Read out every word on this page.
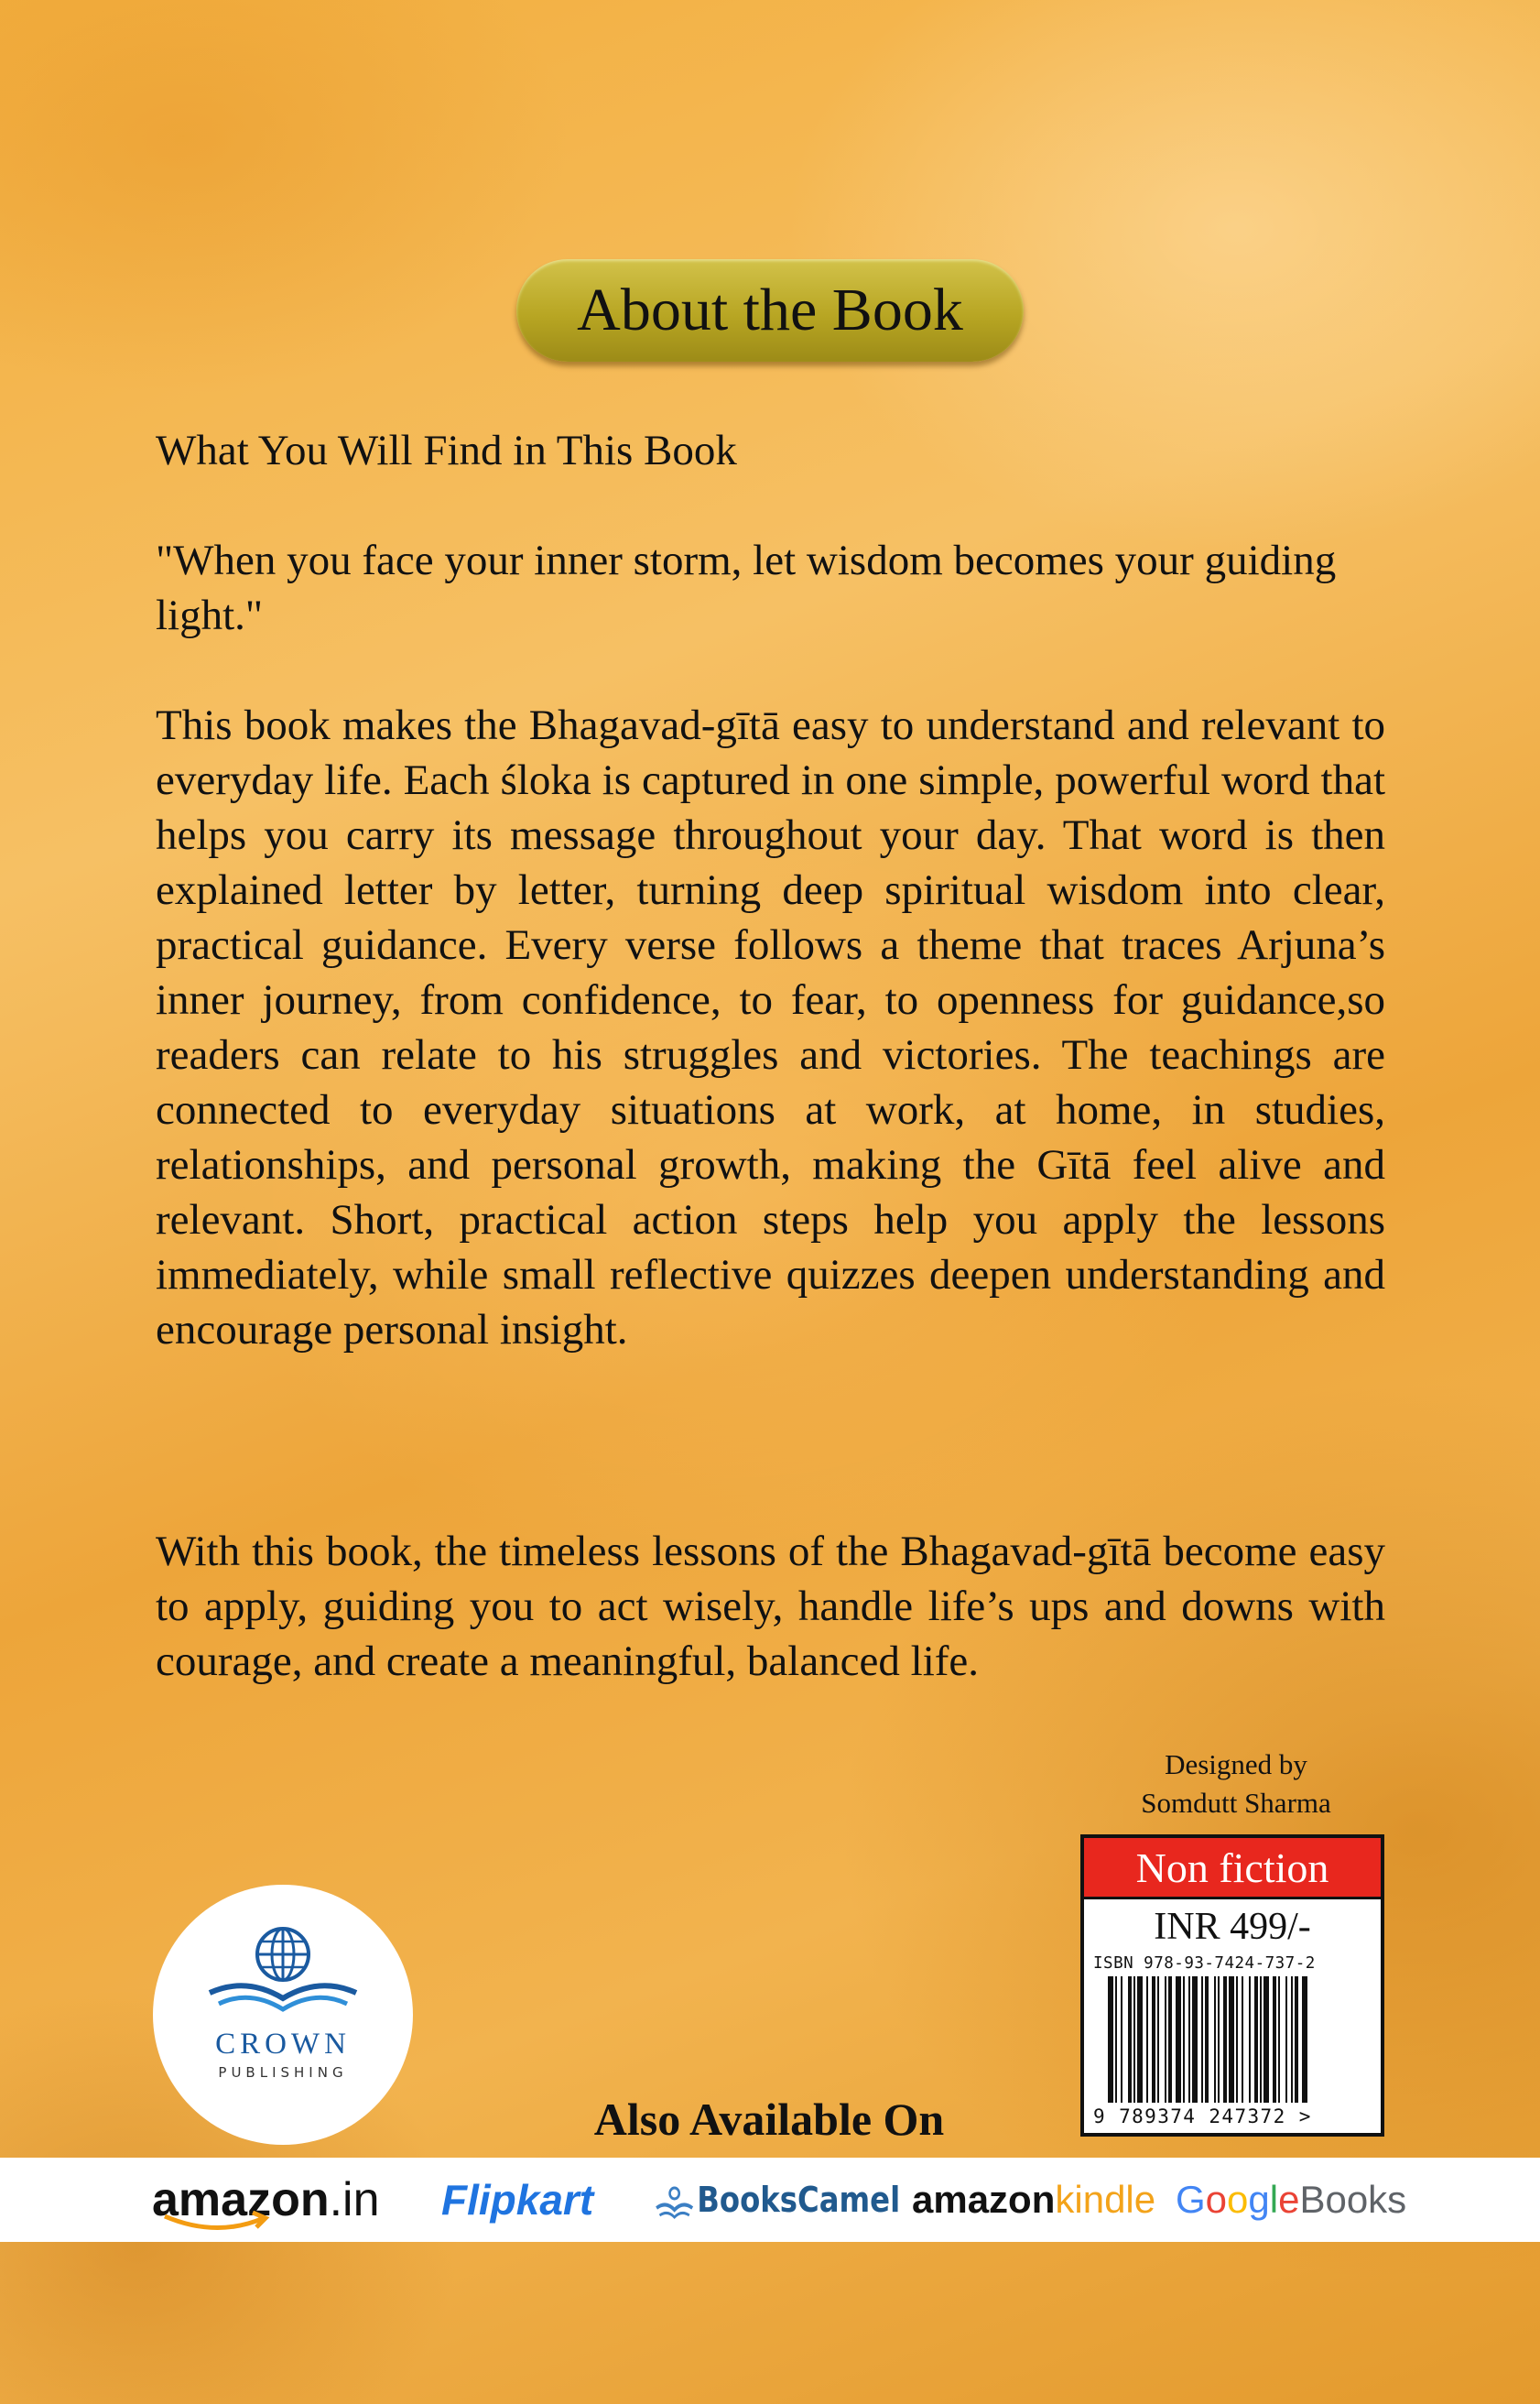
About the Book
What You Will Find in This Book
"When you face your inner storm, let wisdom becomes your guiding light."
This book makes the Bhagavad-gītā easy to understand and relevant to everyday life. Each śloka is captured in one simple, powerful word that helps you carry its message throughout your day. That word is then explained letter by letter, turning deep spiritual wisdom into clear, practical guidance. Every verse follows a theme that traces Arjuna’s inner journey, from confidence, to fear, to openness for guidance,so readers can relate to his struggles and victories. The teachings are connected to everyday situations at work, at home, in studies, relationships, and personal growth, making the Gītā feel alive and relevant. Short, practical action steps help you apply the lessons immediately, while small reflective quizzes deepen understanding and encourage personal insight.
With this book, the timeless lessons of the Bhagavad-gītā become easy to apply, guiding you to act wisely, handle life’s ups and downs with courage, and create a meaningful, balanced life.
Designed by
Somdutt Sharma
Non fiction
INR 499/-
ISBN 978-93-7424-737-2
9 789374 247372 >
CROWN
PUBLISHING
Also Available On
amazon .in Flipkart	BooksCamel amazon kindle Google Books
